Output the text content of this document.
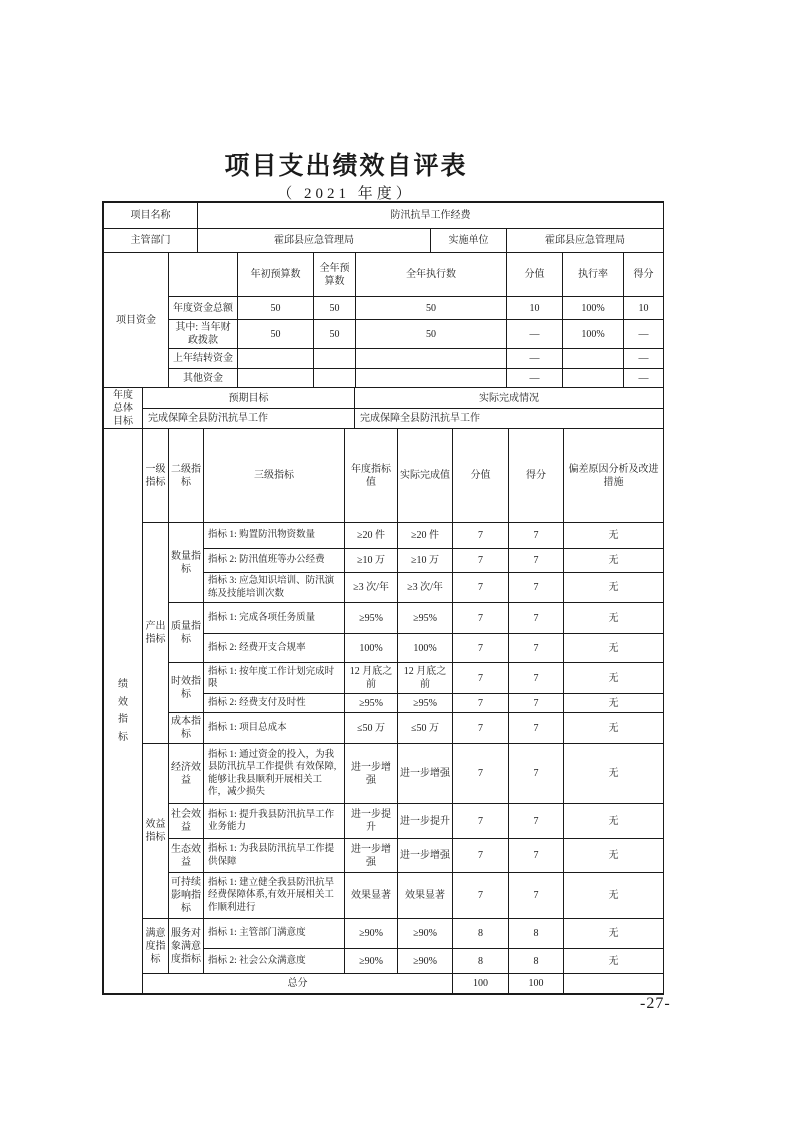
项目支出绩效自评表
（ 2021 年度）
项目名称	防汛抗旱工作经费		
主管部门	霍邱县应急管理局	实施单位	霍邱县应急管理局
项目资金		年初预算数	全年预算数	全年执行数	分值	执行率	得分
	年度资金总额	50	50	50	10	100%	10
	其中: 当年财政拨款	50	50	50	—	100%	—
	上年结转资金				—		—
	其他资金				—		—
年度总体目标	预期目标	实际完成情况
	完成保障全县防汛抗旱工作	完成保障全县防汛抗旱工作
绩效指标	一级指标	二级指标	三级指标	年度指标值	实际完成值	分值	得分	偏差原因分析及改进措施
	产出指标	数量指标	指标 1: 购置防汛物资数量	≥20 件	≥20 件	7	7	无
			指标 2: 防汛值班等办公经费	≥10 万	≥10 万	7	7	无
			指标 3: 应急知识培训、防汛演练及技能培训次数	≥3 次/年	≥3 次/年	7	7	无
		质量指标	指标 1: 完成各项任务质量	≥95%	≥95%	7	7	无
			指标 2: 经费开支合规率	100%	100%	7	7	无
		时效指标	指标 1: 按年度工作计划完成时限	12 月底之前	12 月底之前	7	7	无
			指标 2: 经费支付及时性	≥95%	≥95%	7	7	无
		成本指标	指标 1: 项目总成本	≤50 万	≤50 万	7	7	无
	效益指标	经济效益	指标 1: 通过资金的投入，为我县防汛抗旱工作提供 有效保障,能够让我县顺利开展相关工作，减少损失	进一步增强	进一步增强	7	7	无
		社会效益	指标 1: 提升我县防汛抗旱工作业务能力	进一步提升	进一步提升	7	7	无
		生态效益	指标 1: 为我县防汛抗旱工作提供保障	进一步增强	进一步增强	7	7	无
		可持续影响指标	指标 1: 建立健全我县防汛抗旱经费保障体系,有效开展相关工作顺利进行	效果显著	效果显著	7	7	无
	满意度指标	服务对象满意度指标	指标 1: 主管部门满意度	≥90%	≥90%	8	8	无
			指标 2: 社会公众满意度	≥90%	≥90%	8	8	无
	总分					100	100	
-27-
